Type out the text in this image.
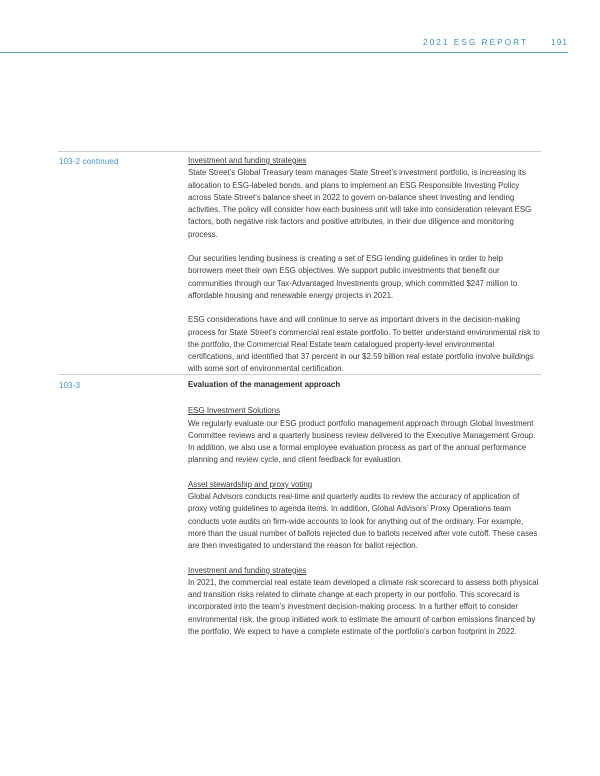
2021 ESG REPORT	191
103-2 continued	Investment and funding strategies

State Street’s Global Treasury team manages State Street’s investment portfolio, is increasing its allocation to ESG-labeled bonds, and plans to implement an ESG Responsible Investing Policy across State Street’s balance sheet in 2022 to govern on-balance sheet investing and lending activities. The policy will consider how each business unit will take into consideration relevant ESG factors, both negative risk factors and positive attributes, in their due diligence and monitoring process.

Our securities lending business is creating a set of ESG lending guidelines in order to help borrowers meet their own ESG objectives. We support public investments that benefit our communities through our Tax-Advantaged Investments group, which committed $247 million to affordable housing and renewable energy projects in 2021.

ESG considerations have and will continue to serve as important drivers in the decision-making process for State Street’s commercial real estate portfolio. To better understand environmental risk to the portfolio, the Commercial Real Estate team catalogued property-level environmental certifications, and identified that 37 percent in our $2.59 billion real estate portfolio involve buildings with some sort of environmental certification.

103-3	Evaluation of the management approach

ESG Investment Solutions

We regularly evaluate our ESG product portfolio management approach through Global Investment Committee reviews and a quarterly business review delivered to the Executive Management Group. In addition, we also use a formal employee evaluation process as part of the annual performance planning and review cycle, and client feedback for evaluation.

Asset stewardship and proxy voting

Global Advisors conducts real-time and quarterly audits to review the accuracy of application of proxy voting guidelines to agenda items. In addition, Global Advisors’ Proxy Operations team conducts vote audits on firm-wide accounts to look for anything out of the ordinary. For example, more than the usual number of ballots rejected due to ballots received after vote cutoff. These cases are then investigated to understand the reason for ballot rejection.

Investment and funding strategies

In 2021, the commercial real estate team developed a climate risk scorecard to assess both physical and transition risks related to climate change at each property in our portfolio. This scorecard is incorporated into the team’s investment decision-making process. In a further effort to consider environmental risk, the group initiated work to estimate the amount of carbon emissions financed by the portfolio. We expect to have a complete estimate of the portfolio’s carbon footprint in 2022.
